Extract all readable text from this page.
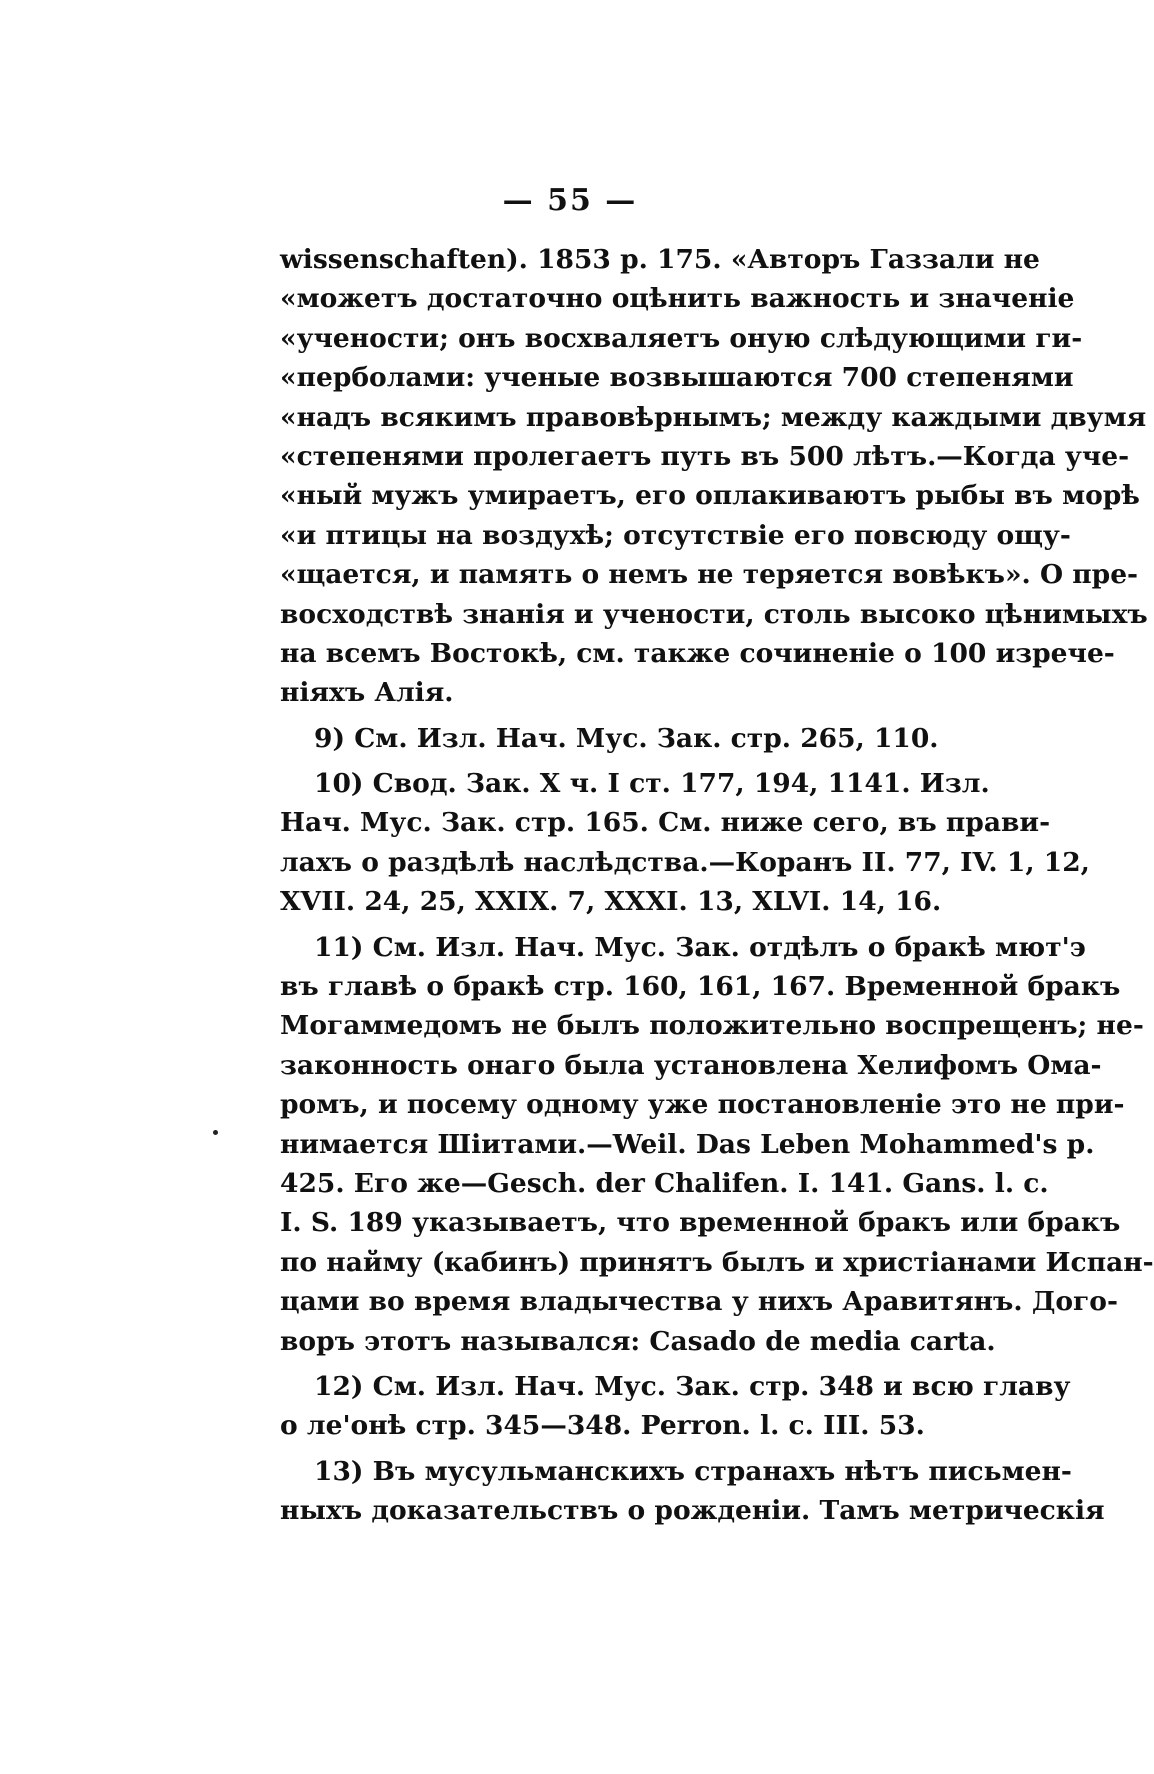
— 55 —
wissenschaften). 1853 p. 175. «Авторъ Газзали не
«можетъ достаточно оцѣнить важность и значеніе
«учености; онъ восхваляетъ оную слѣдующими ги-
«перболами: ученые возвышаются 700 степенями
«надъ всякимъ правовѣрнымъ; между каждыми двумя
«степенями пролегаетъ путь въ 500 лѣтъ.—Когда уче-
«ный мужъ умираетъ, его оплакиваютъ рыбы въ морѣ
«и птицы на воздухѣ; отсутствіе его повсюду ощу-
«щается, и память о немъ не теряется вовѣкъ». О пре-
восходствѣ знанія и учености, столь высоко цѣнимыхъ
на всемъ Востокѣ, см. также сочиненіе о 100 изрече-
ніяхъ Алія.
9) См. Изл. Нач. Мус. Зак. стр. 265, 110.
10) Свод. Зак. X ч. I ст. 177, 194, 1141. Изл.
Нач. Мус. Зак. стр. 165. См. ниже сего, въ прави-
лахъ о раздѣлѣ наслѣдства.—Коранъ II. 77, IV. 1, 12,
XVII. 24, 25, XXIX. 7, XXXI. 13, XLVI. 14, 16.
11) См. Изл. Нач. Мус. Зак. отдѣлъ о бракѣ мют'э
въ главѣ о бракѣ стр. 160, 161, 167. Временной бракъ
Могаммедомъ не былъ положительно воспрещенъ; не-
законность онаго была установлена Хелифомъ Ома-
ромъ, и посему одному уже постановленіе это не при-
нимается Шіитами.—Weil. Das Leben Mohammed's p.
425. Его же—Gesch. der Chalifen. I. 141. Gans. l. c.
I. S. 189 указываетъ, что временной бракъ или бракъ
по найму (кабинъ) принятъ былъ и христіанами Испан-
цами во время владычества у нихъ Аравитянъ. Дого-
воръ этотъ назывался: Casado de media carta.
12) См. Изл. Нач. Мус. Зак. стр. 348 и всю главу
о ле'онѣ стр. 345—348. Perron. l. c. III. 53.
13) Въ мусульманскихъ странахъ нѣтъ письмен-
ныхъ доказательствъ о рожденіи. Тамъ метрическія
